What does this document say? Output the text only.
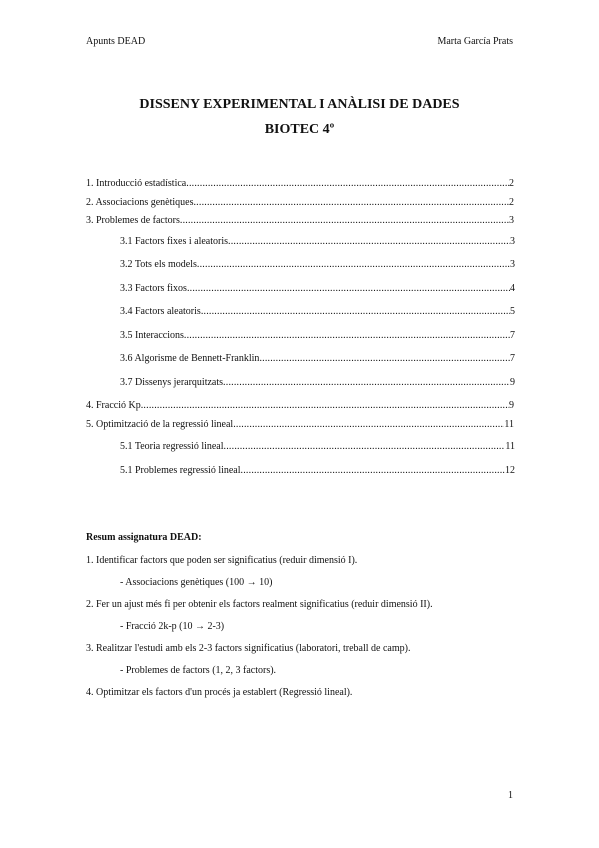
Apunts DEAD	Marta García Prats
DISSENY EXPERIMENTAL I ANÀLISI DE DADES
BIOTEC 4º
1. Introducció estadística .....	2
2. Associacions genètiques .....	2
3. Problemes de factors .....	3
3.1 Factors fixes i aleatoris .....	3
3.2 Tots els models .....	3
3.3 Factors fixos .....	4
3.4 Factors aleatoris .....	5
3.5 Interaccions .....	7
3.6 Algorisme de Bennett-Franklin .....	7
3.7 Dissenys jerarquitzats .....	9
4. Fracció Kp .....	9
5. Optimització de la regressió lineal .....	11
5.1 Teoria regressió lineal .....	11
5.1 Problemes regressió lineal .....	12
Resum assignatura DEAD:
1. Identificar factors que poden ser significatius (reduir dimensió I).
- Associacions genètiques (100 → 10)
2. Fer un ajust més fi per obtenir els factors realment significatius (reduir dimensió II).
- Fracció 2k-p (10 → 2-3)
3. Realitzar l'estudi amb els 2-3 factors significatius (laboratori, treball de camp).
- Problemes de factors (1, 2, 3 factors).
4. Optimitzar els factors d'un procés ja establert (Regressió lineal).
1
